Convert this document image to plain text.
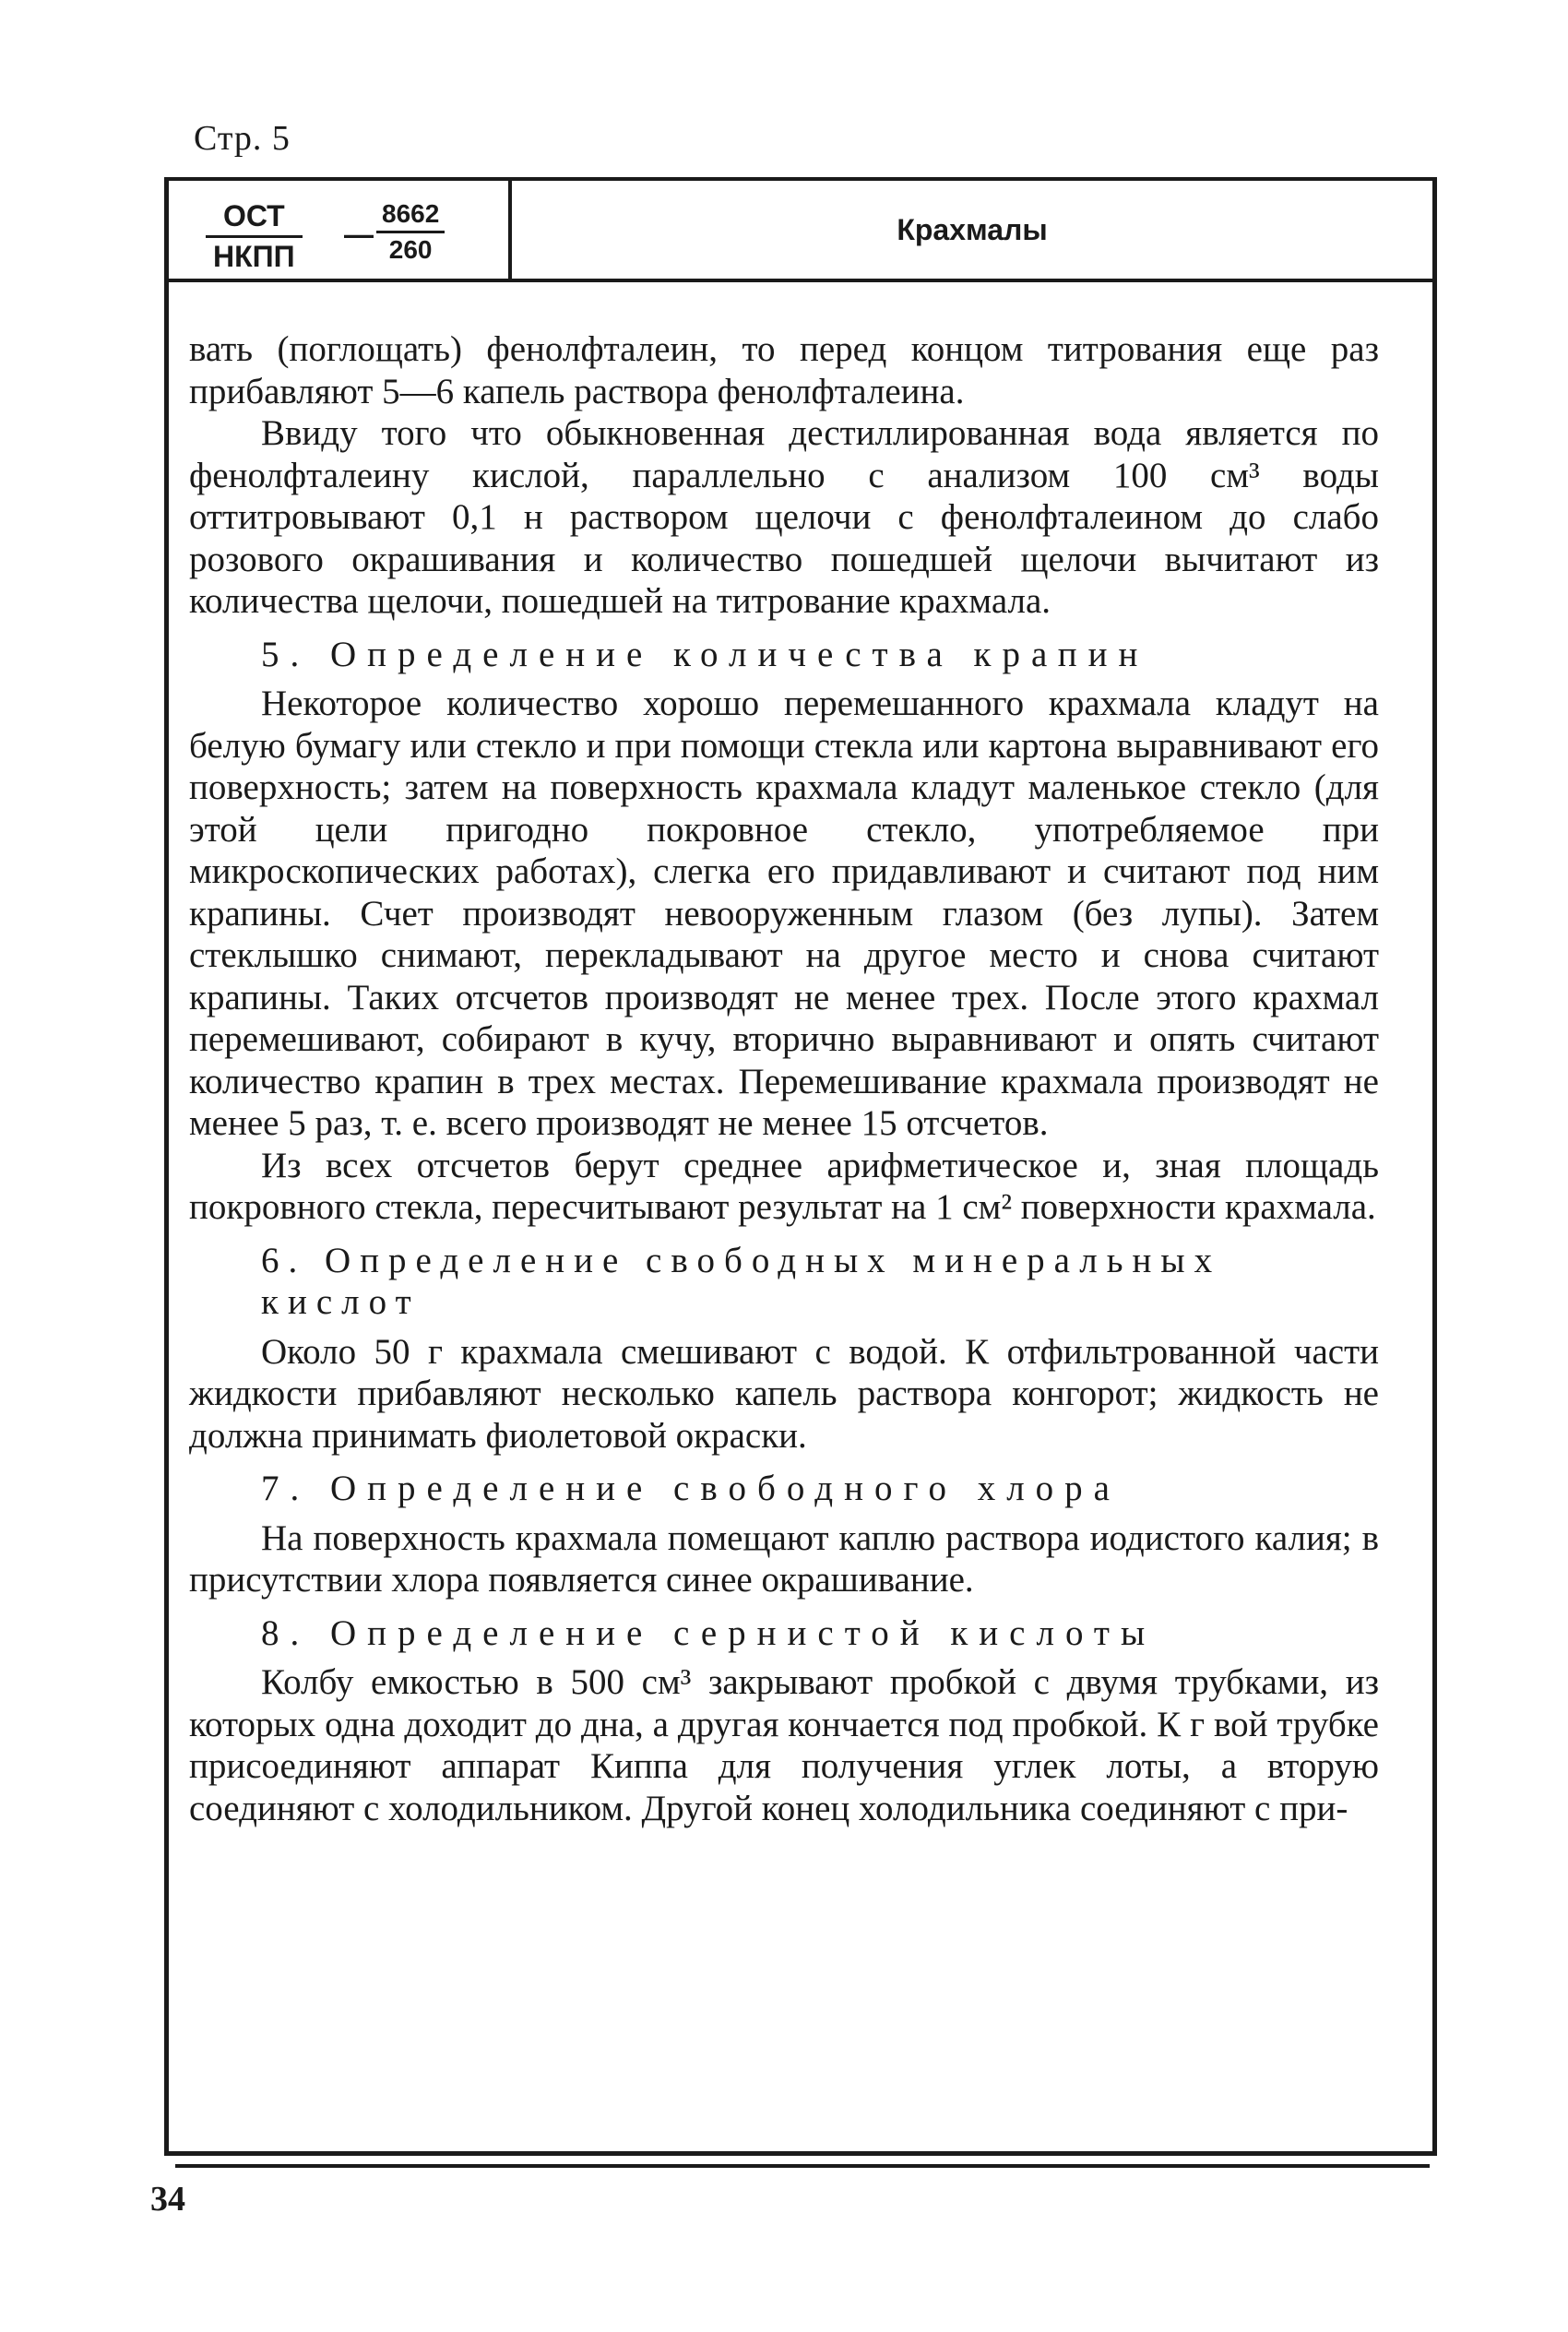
Стр. 5
ОСТ
НКПП
— $\frac{8662}{260}$	Крахмалы

вать (поглощать) фенолфталеин, то перед концом титрования еще раз прибавляют 5—6 капель раствора фенолфталеина.

Ввиду того что обыкновенная дестиллированная вода является по фенолфталеину кислой, параллельно с анализом 100 см³ воды оттитровывают 0,1 н раствором щелочи с фенолфталеином до слабо розового окрашивания и количество пошедшей щелочи вычитают из количества щелочи, пошедшей на титрование крахмала.

5. Определение количества крапин

Некоторое количество хорошо перемешанного крахмала кладут на белую бумагу или стекло и при помощи стекла или картона выравнивают его поверхность; затем на поверхность крахмала кладут маленькое стекло (для этой цели пригодно покровное стекло, употребляемое при микроскопических работах), слегка его придавливают и считают под ним крапины. Счет производят невооруженным глазом (без лупы). Затем стеклышко снимают, перекладывают на другое место и снова считают крапины. Таких отсчетов производят не менее трех. После этого крахмал перемешивают, собирают в кучу, вторично выравнивают и опять считают количество крапин в трех местах. Перемешивание крахмала производят не менее 5 раз, т. е. всего производят не менее 15 отсчетов.

Из всех отсчетов берут среднее арифметическое и, зная площадь покровного стекла, пересчитывают результат на 1 см² поверхности крахмала.

6. Определение свободных минеральных кислот

Около 50 г крахмала смешивают с водой. К отфильтрованной части жидкости прибавляют несколько капель раствора конгорот; жидкость не должна принимать фиолетовой окраски.

7. Определение свободного хлора

На поверхность крахмала помещают каплю раствора иодистого калия; в присутствии хлора появляется синее окрашивание.

8. Определение сернистой кислоты

Колбу емкостью в 500 см³ закрывают пробкой с двумя трубками, из которых одна доходит до дна, а другая кончается под пробкой. К г вой трубке присоединяют аппарат Киппа для получения углек лоты, а вторую соединяют с холодильником. Другой конец холодильника соединяют с при-

34
